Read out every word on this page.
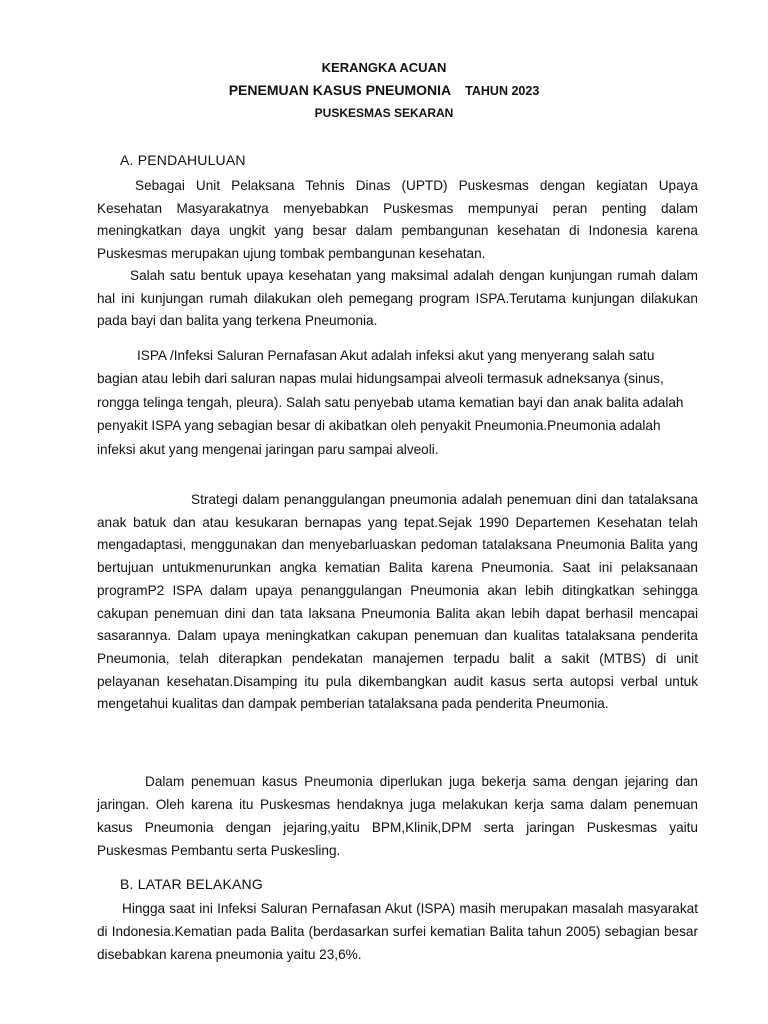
KERANGKA ACUAN
PENEMUAN KASUS PNEUMONIA TAHUN 2023
PUSKESMAS SEKARAN
A. PENDAHULUAN

Sebagai Unit Pelaksana Tehnis Dinas (UPTD) Puskesmas dengan kegiatan Upaya Kesehatan Masyarakatnya menyebabkan Puskesmas mempunyai peran penting dalam meningkatkan daya ungkit yang besar dalam pembangunan kesehatan di Indonesia karena Puskesmas merupakan ujung tombak pembangunan kesehatan.

Salah satu bentuk upaya kesehatan yang maksimal adalah dengan kunjungan rumah dalam hal ini kunjungan rumah dilakukan oleh pemegang program ISPA.Terutama kunjungan dilakukan pada bayi dan balita yang terkena Pneumonia.

ISPA /Infeksi Saluran Pernafasan Akut adalah infeksi akut yang menyerang salah satu bagian atau lebih dari saluran napas mulai hidungsampai alveoli termasuk adneksanya (sinus, rongga telinga tengah, pleura). Salah satu penyebab utama kematian bayi dan anak balita adalah penyakit ISPA yang sebagian besar di akibatkan oleh penyakit Pneumonia.Pneumonia adalah infeksi akut yang mengenai jaringan paru sampai alveoli.

Strategi dalam penanggulangan pneumonia adalah penemuan dini dan tatalaksana anak batuk dan atau kesukaran bernapas yang tepat.Sejak 1990 Departemen Kesehatan telah mengadaptasi, menggunakan dan menyebarluaskan pedoman tatalaksana Pneumonia Balita yang bertujuan untukmenurunkan angka kematian Balita karena Pneumonia. Saat ini pelaksanaan programP2 ISPA dalam upaya penanggulangan Pneumonia akan lebih ditingkatkan sehingga cakupan penemuan dini dan tata laksana Pneumonia Balita akan lebih dapat berhasil mencapai sasarannya. Dalam upaya meningkatkan cakupan penemuan dan kualitas tatalaksana penderita Pneumonia, telah diterapkan pendekatan manajemen terpadu balit a sakit (MTBS) di unit pelayanan kesehatan.Disamping itu pula dikembangkan audit kasus serta autopsi verbal untuk mengetahui kualitas dan dampak pemberian tatalaksana pada penderita Pneumonia.

Dalam penemuan kasus Pneumonia diperlukan juga bekerja sama dengan jejaring dan jaringan. Oleh karena itu Puskesmas hendaknya juga melakukan kerja sama dalam penemuan kasus Pneumonia dengan jejaring,yaitu BPM,Klinik,DPM serta jaringan Puskesmas yaitu Puskesmas Pembantu serta Puskesling.

B. LATAR BELAKANG

Hingga saat ini Infeksi Saluran Pernafasan Akut (ISPA) masih merupakan masalah masyarakat di Indonesia.Kematian pada Balita (berdasarkan surfei kematian Balita tahun 2005) sebagian besar disebabkan karena pneumonia yaitu 23,6%.
